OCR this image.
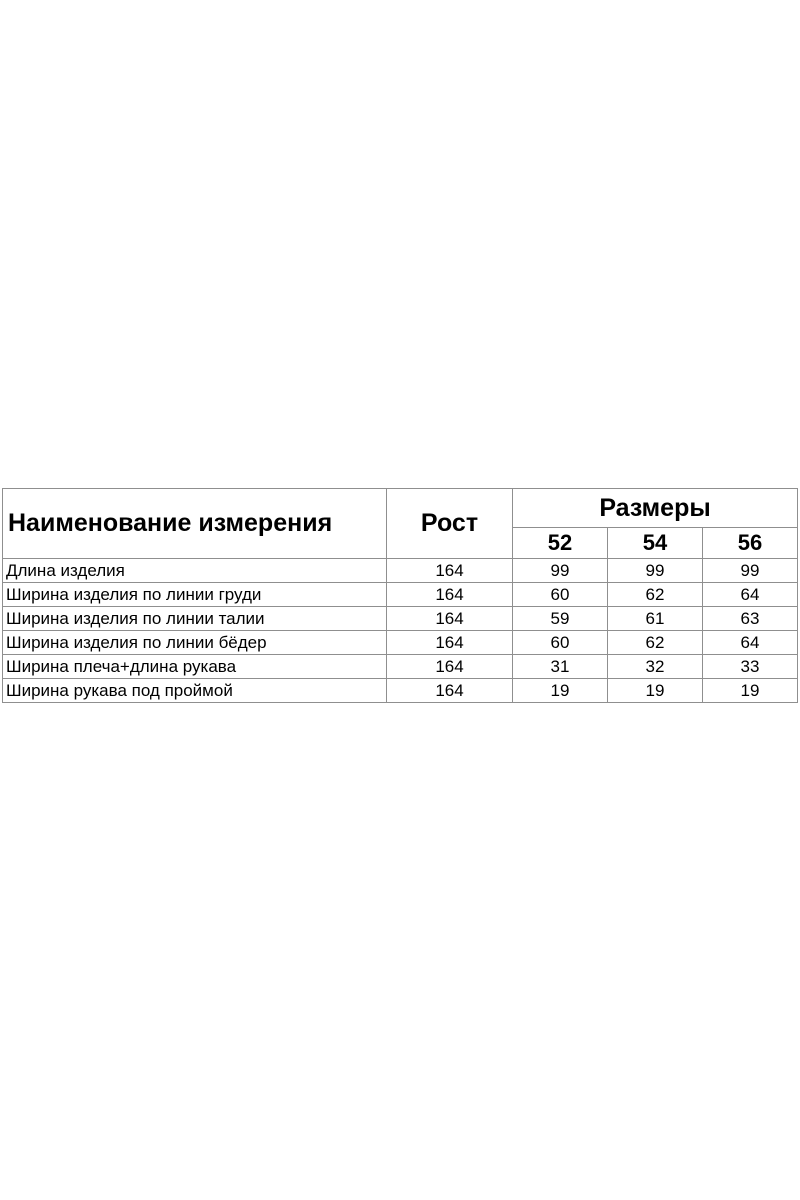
Наименование измерения	Рост	Размеры		
		52	54	56
Длина изделия	164	99	99	99
Ширина изделия по линии груди	164	60	62	64
Ширина изделия по линии талии	164	59	61	63
Ширина изделия по линии бёдер	164	60	62	64
Ширина плеча+длина рукава	164	31	32	33
Ширина рукава под проймой	164	19	19	19
